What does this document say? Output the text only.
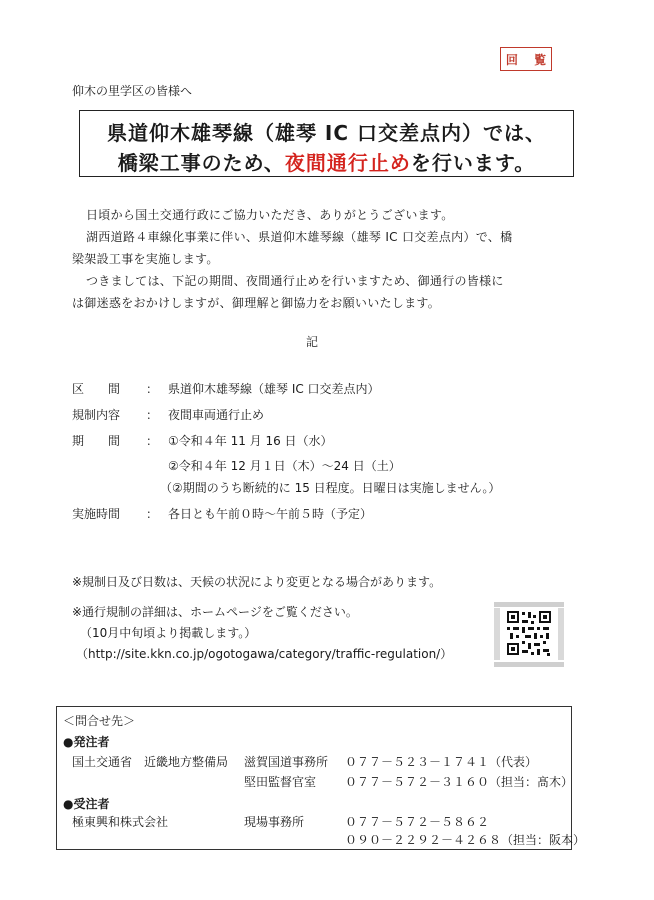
回 覧
仰木の里学区の皆様へ
県道仰木雄琴線（雄琴 IC 口交差点内）では、
橋梁工事のため、夜間通行止めを行います。
日頃から国土交通行政にご協力いただき、ありがとうございます。
湖西道路４車線化事業に伴い、県道仰木雄琴線（雄琴 IC 口交差点内）で、橋
梁架設工事を実施します。
つきましては、下記の期間、夜間通行止めを行いますため、御通行の皆様に
は御迷惑をおかけしますが、御理解と御協力をお願いいたします。
記
区　　間 ： 県道仰木雄琴線（雄琴 IC 口交差点内）
規制内容 ： 夜間車両通行止め
期　　間 ： ①令和４年 11 月 16 日（水）
②令和４年 12 月１日（木）～24 日（土）
（②期間のうち断続的に 15 日程度。日曜日は実施しません。）
実施時間 ： 各日とも午前０時～午前５時（予定）
※規制日及び日数は、天候の状況により変更となる場合があります。
※通行規制の詳細は、ホームページをご覧ください。
（10月中旬頃より掲載します。）
（http://site.kkn.co.jp/ogotogawa/category/traffic-regulation/）
＜問合せ先＞
●発注者
国土交通省　近畿地方整備局 滋賀国道事務所 ０７７－５２３－１７４１（代表）
堅田監督官室 ０７７－５７２－３１６０（担当：髙木）
●受注者
極東興和株式会社	現場事務所	０７７－５７２－５８６２
０９０－２２９２－４２６８（担当：阪本）
